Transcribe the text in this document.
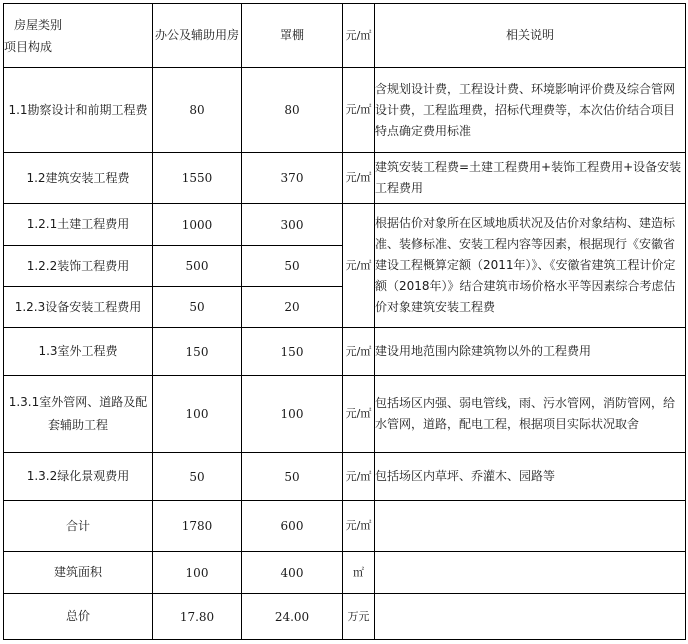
房屋类别
项目构成	办公及辅助用房	罩棚	元/㎡	相关说明
1.1勘察设计和前期工程费	80	80	元/㎡	含规划设计费，工程设计费、环境影响评价费及综合管网设计费，工程监理费，招标代理费等，本次估价结合项目特点确定费用标准
1.2建筑安装工程费	1550	370	元/㎡	建筑安装工程费=土建工程费用+装饰工程费用+设备安装工程费用
1.2.1土建工程费用	1000	300	元/㎡	根据估价对象所在区域地质状况及估价对象结构、建造标准、装修标准、安装工程内容等因素，根据现行《安徽省建设工程概算定额（2011年）》、《安徽省建筑工程计价定额（2018年）》结合建筑市场价格水平等因素综合考虑估价对象建筑安装工程费
1.2.2装饰工程费用	500	50		
1.2.3设备安装工程费用	50	20		
1.3室外工程费	150	150	元/㎡	建设用地范围内除建筑物以外的工程费用
1.3.1室外管网、道路及配套辅助工程	100	100	元/㎡	包括场区内强、弱电管线，雨、污水管网，消防管网，给水管网，道路，配电工程，根据项目实际状况取舍
1.3.2绿化景观费用	50	50	元/㎡	包括场区内草坪、乔灌木、园路等
合计	1780	600	元/㎡	
建筑面积	100	400	㎡	
总价	17.80	24.00	万元	
